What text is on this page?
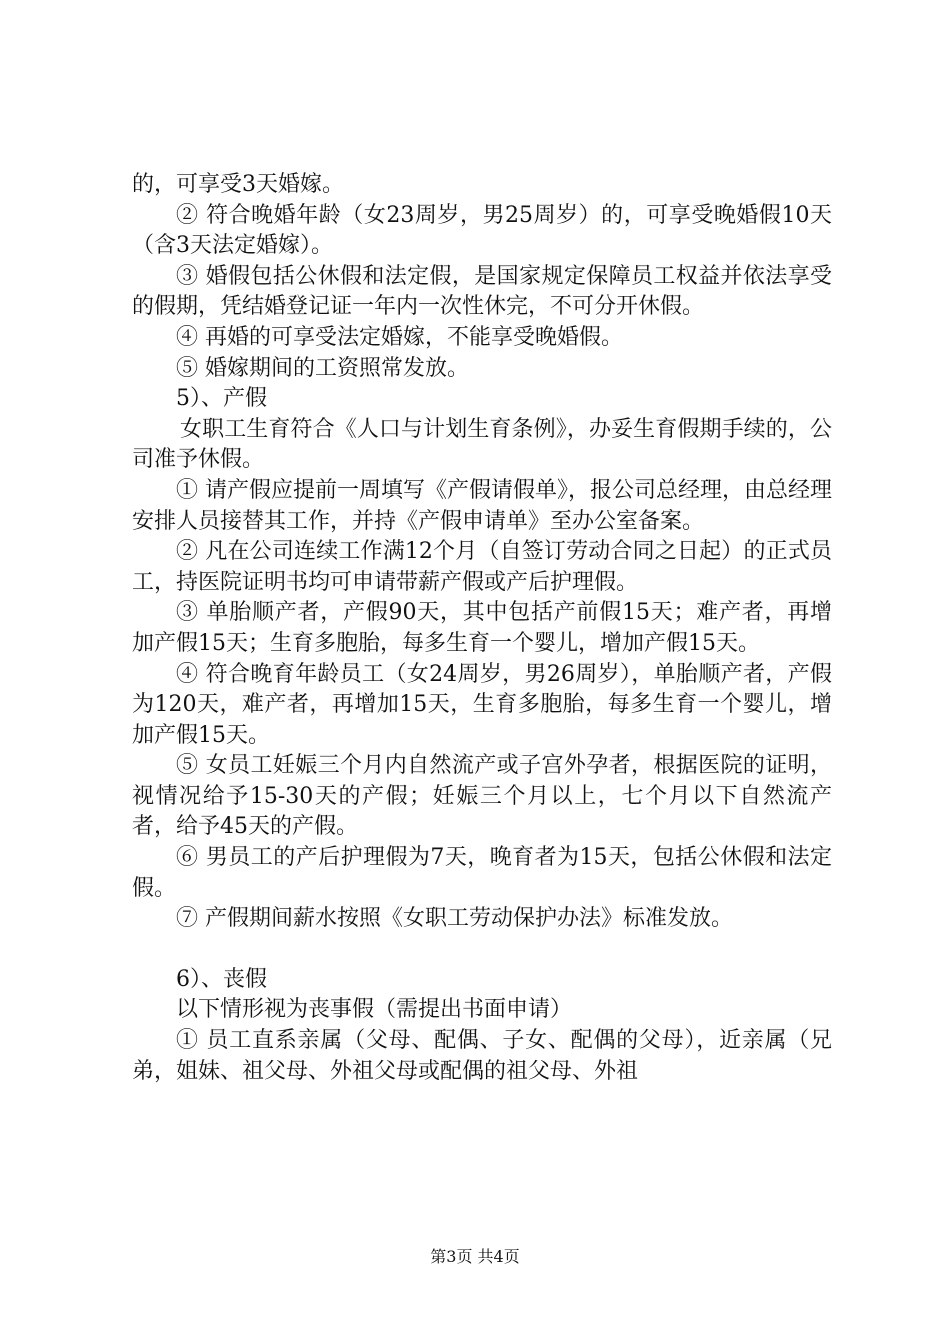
的，可享受3天婚嫁。

② 符合晚婚年龄（女23周岁，男25周岁）的，可享受晚婚假10天（含3天法定婚嫁）。

③ 婚假包括公休假和法定假，是国家规定保障员工权益并依法享受的假期，凭结婚登记证一年内一次性休完，不可分开休假。

④ 再婚的可享受法定婚嫁，不能享受晚婚假。

⑤ 婚嫁期间的工资照常发放。

5）、产假

女职工生育符合《人口与计划生育条例》，办妥生育假期手续的，公司准予休假。

① 请产假应提前一周填写《产假请假单》，报公司总经理，由总经理安排人员接替其工作，并持《产假申请单》至办公室备案。

② 凡在公司连续工作满12个月（自签订劳动合同之日起）的正式员工，持医院证明书均可申请带薪产假或产后护理假。

③ 单胎顺产者，产假90天，其中包括产前假15天；难产者，再增加产假15天；生育多胞胎，每多生育一个婴儿，增加产假15天。

④ 符合晚育年龄员工（女24周岁，男26周岁），单胎顺产者，产假为120天，难产者，再增加15天，生育多胞胎，每多生育一个婴儿，增加产假15天。

⑤ 女员工妊娠三个月内自然流产或子宫外孕者，根据医院的证明，视情况给予15-30天的产假；妊娠三个月以上，七个月以下自然流产者，给予45天的产假。

⑥ 男员工的产后护理假为7天，晚育者为15天，包括公休假和法定假。

⑦ 产假期间薪水按照《女职工劳动保护办法》标准发放。

6）、丧假

以下情形视为丧事假（需提出书面申请）

① 员工直系亲属（父母、配偶、子女、配偶的父母），近亲属（兄弟，姐妹、祖父母、外祖父母或配偶的祖父母、外祖

第3页 共4页
